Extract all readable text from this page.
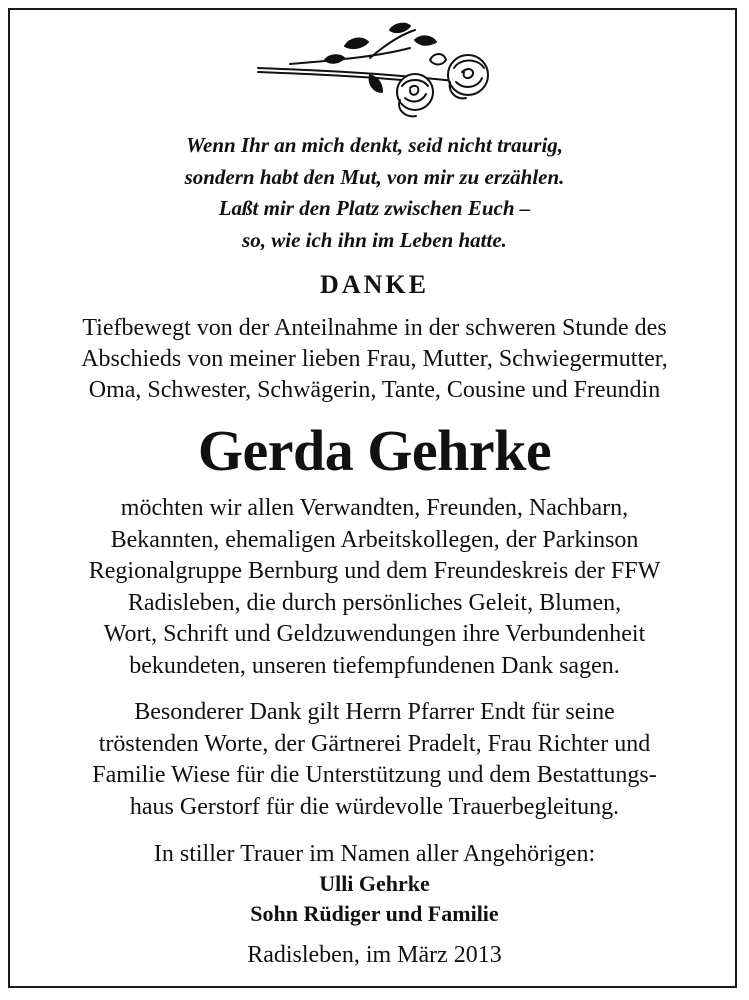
Wenn Ihr an mich denkt, seid nicht traurig,
sondern habt den Mut, von mir zu erzählen.
Laßt mir den Platz zwischen Euch –
so, wie ich ihn im Leben hatte.
DANKE
Tiefbewegt von der Anteilnahme in der schweren Stunde des
Abschieds von meiner lieben Frau, Mutter, Schwiegermutter,
Oma, Schwester, Schwägerin, Tante, Cousine und Freundin
Gerda Gehrke
möchten wir allen Verwandten, Freunden, Nachbarn,
Bekannten, ehemaligen Arbeitskollegen, der Parkinson
Regionalgruppe Bernburg und dem Freundeskreis der FFW
Radisleben, die durch persönliches Geleit, Blumen,
Wort, Schrift und Geldzuwendungen ihre Verbundenheit
bekundeten, unseren tiefempfundenen Dank sagen.
Besonderer Dank gilt Herrn Pfarrer Endt für seine
tröstenden Worte, der Gärtnerei Pradelt, Frau Richter und
Familie Wiese für die Unterstützung und dem Bestattungs-
haus Gerstorf für die würdevolle Trauerbegleitung.
In stiller Trauer im Namen aller Angehörigen:
Ulli Gehrke
Sohn Rüdiger und Familie
Radisleben, im März 2013
